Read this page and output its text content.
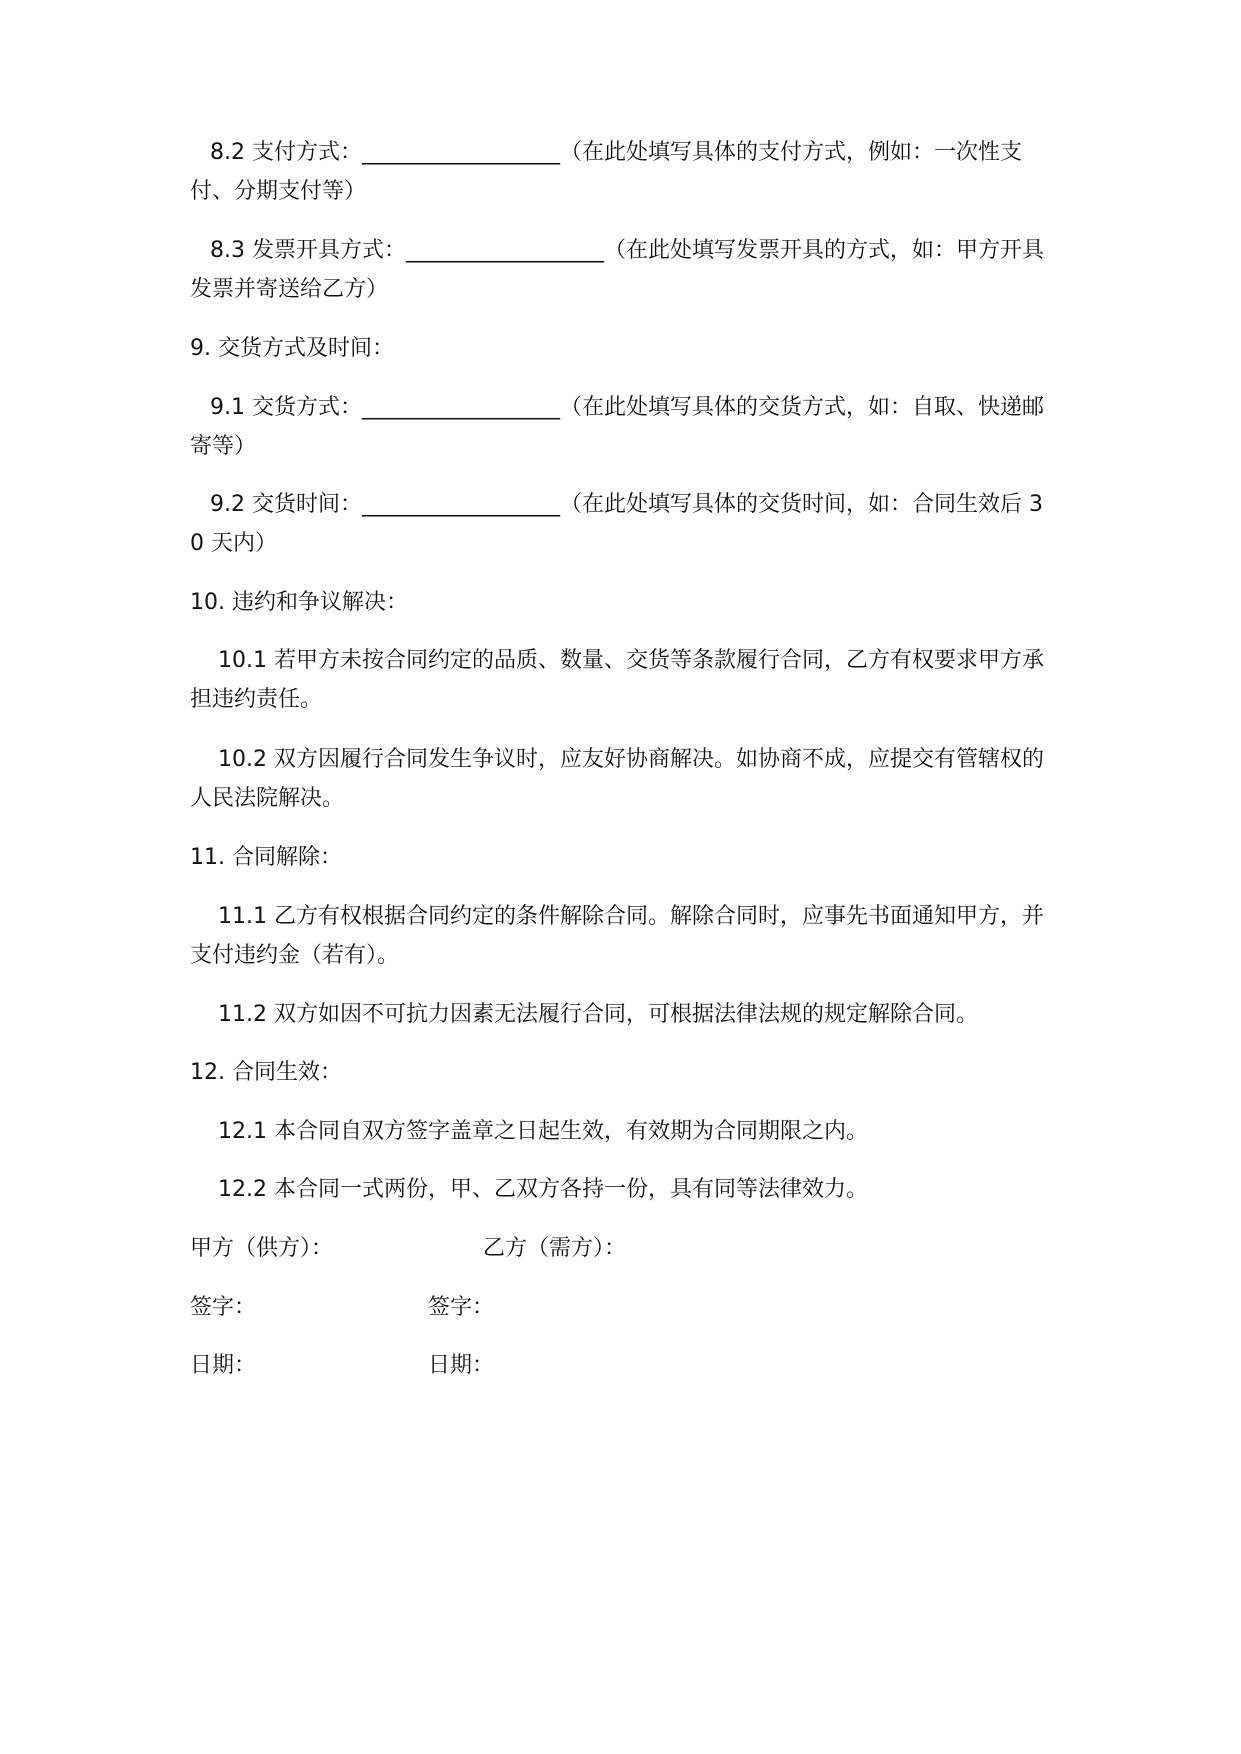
8.2 支付方式：__________________（在此处填写具体的支付方式，例如：一次性支付、分期支付等）

8.3 发票开具方式：__________________（在此处填写发票开具的方式，如：甲方开具发票并寄送给乙方）

9. 交货方式及时间：

9.1 交货方式：__________________（在此处填写具体的交货方式，如：自取、快递邮寄等）

9.2 交货时间：__________________（在此处填写具体的交货时间，如：合同生效后 30 天内）

10. 违约和争议解决：

10.1 若甲方未按合同约定的品质、数量、交货等条款履行合同，乙方有权要求甲方承担违约责任。

10.2 双方因履行合同发生争议时，应友好协商解决。如协商不成，应提交有管辖权的人民法院解决。

11. 合同解除：

11.1 乙方有权根据合同约定的条件解除合同。解除合同时，应事先书面通知甲方，并支付违约金（若有）。

11.2 双方如因不可抗力因素无法履行合同，可根据法律法规的规定解除合同。

12. 合同生效：

12.1 本合同自双方签字盖章之日起生效，有效期为合同期限之内。

12.2 本合同一式两份，甲、乙双方各持一份，具有同等法律效力。

甲方（供方）：	乙方（需方）：
签字：	签字：
日期：	日期：
